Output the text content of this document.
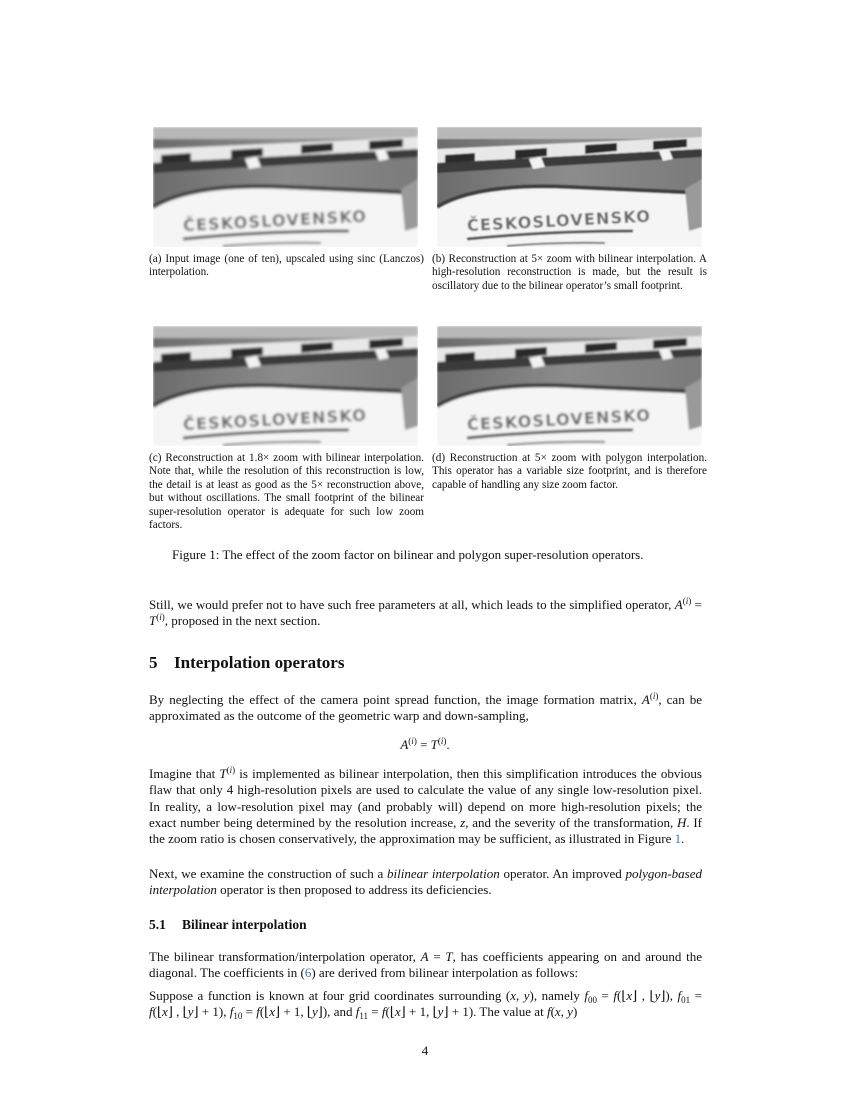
(a) Input image (one of ten), upscaled using sinc (Lanczos) interpolation.
(b) Reconstruction at 5× zoom with bilinear interpolation. A high-resolution reconstruction is made, but the result is oscillatory due to the bilinear operator’s small footprint.
(c) Reconstruction at 1.8× zoom with bilinear interpolation. Note that, while the resolution of this reconstruction is low, the detail is at least as good as the 5× reconstruction above, but without oscillations. The small footprint of the bilinear super-resolution operator is adequate for such low zoom factors.
(d) Reconstruction at 5× zoom with polygon interpolation. This operator has a variable size footprint, and is therefore capable of handling any size zoom factor.
Figure 1: The effect of the zoom factor on bilinear and polygon super-resolution operators.
Still, we would prefer not to have such free parameters at all, which leads to the simplified operator, $A^{(i)} = T^{(i)}$, proposed in the next section.
5 Interpolation operators
By neglecting the effect of the camera point spread function, the image formation matrix, $A^{(i)}$, can be approximated as the outcome of the geometric warp and down-sampling,
$A^{(i)} = T^{(i)}$.
Imagine that $T^{(i)}$ is implemented as bilinear interpolation, then this simplification introduces the obvious flaw that only 4 high-resolution pixels are used to calculate the value of any single low-resolution pixel. In reality, a low-resolution pixel may (and probably will) depend on more high-resolution pixels; the exact number being determined by the resolution increase, z, and the severity of the transformation, H. If the zoom ratio is chosen conservatively, the approximation may be sufficient, as illustrated in Figure 1.
Next, we examine the construction of such a bilinear interpolation operator. An improved polygon-based interpolation operator is then proposed to address its deficiencies.
5.1 Bilinear interpolation
The bilinear transformation/interpolation operator, A = T, has coefficients appearing on and around the diagonal. The coefficients in (6) are derived from bilinear interpolation as follows:
Suppose a function is known at four grid coordinates surrounding (x, y), namely $f_{00}$ = f(⌊x⌋ , ⌊y⌋), $f_{01}$ = f(⌊x⌋ , ⌊y⌋ + 1), $f_{10}$ = f(⌊x⌋ + 1, ⌊y⌋), and $f_{11}$ = f(⌊x⌋ + 1, ⌊y⌋ + 1). The value at f(x, y)
4
